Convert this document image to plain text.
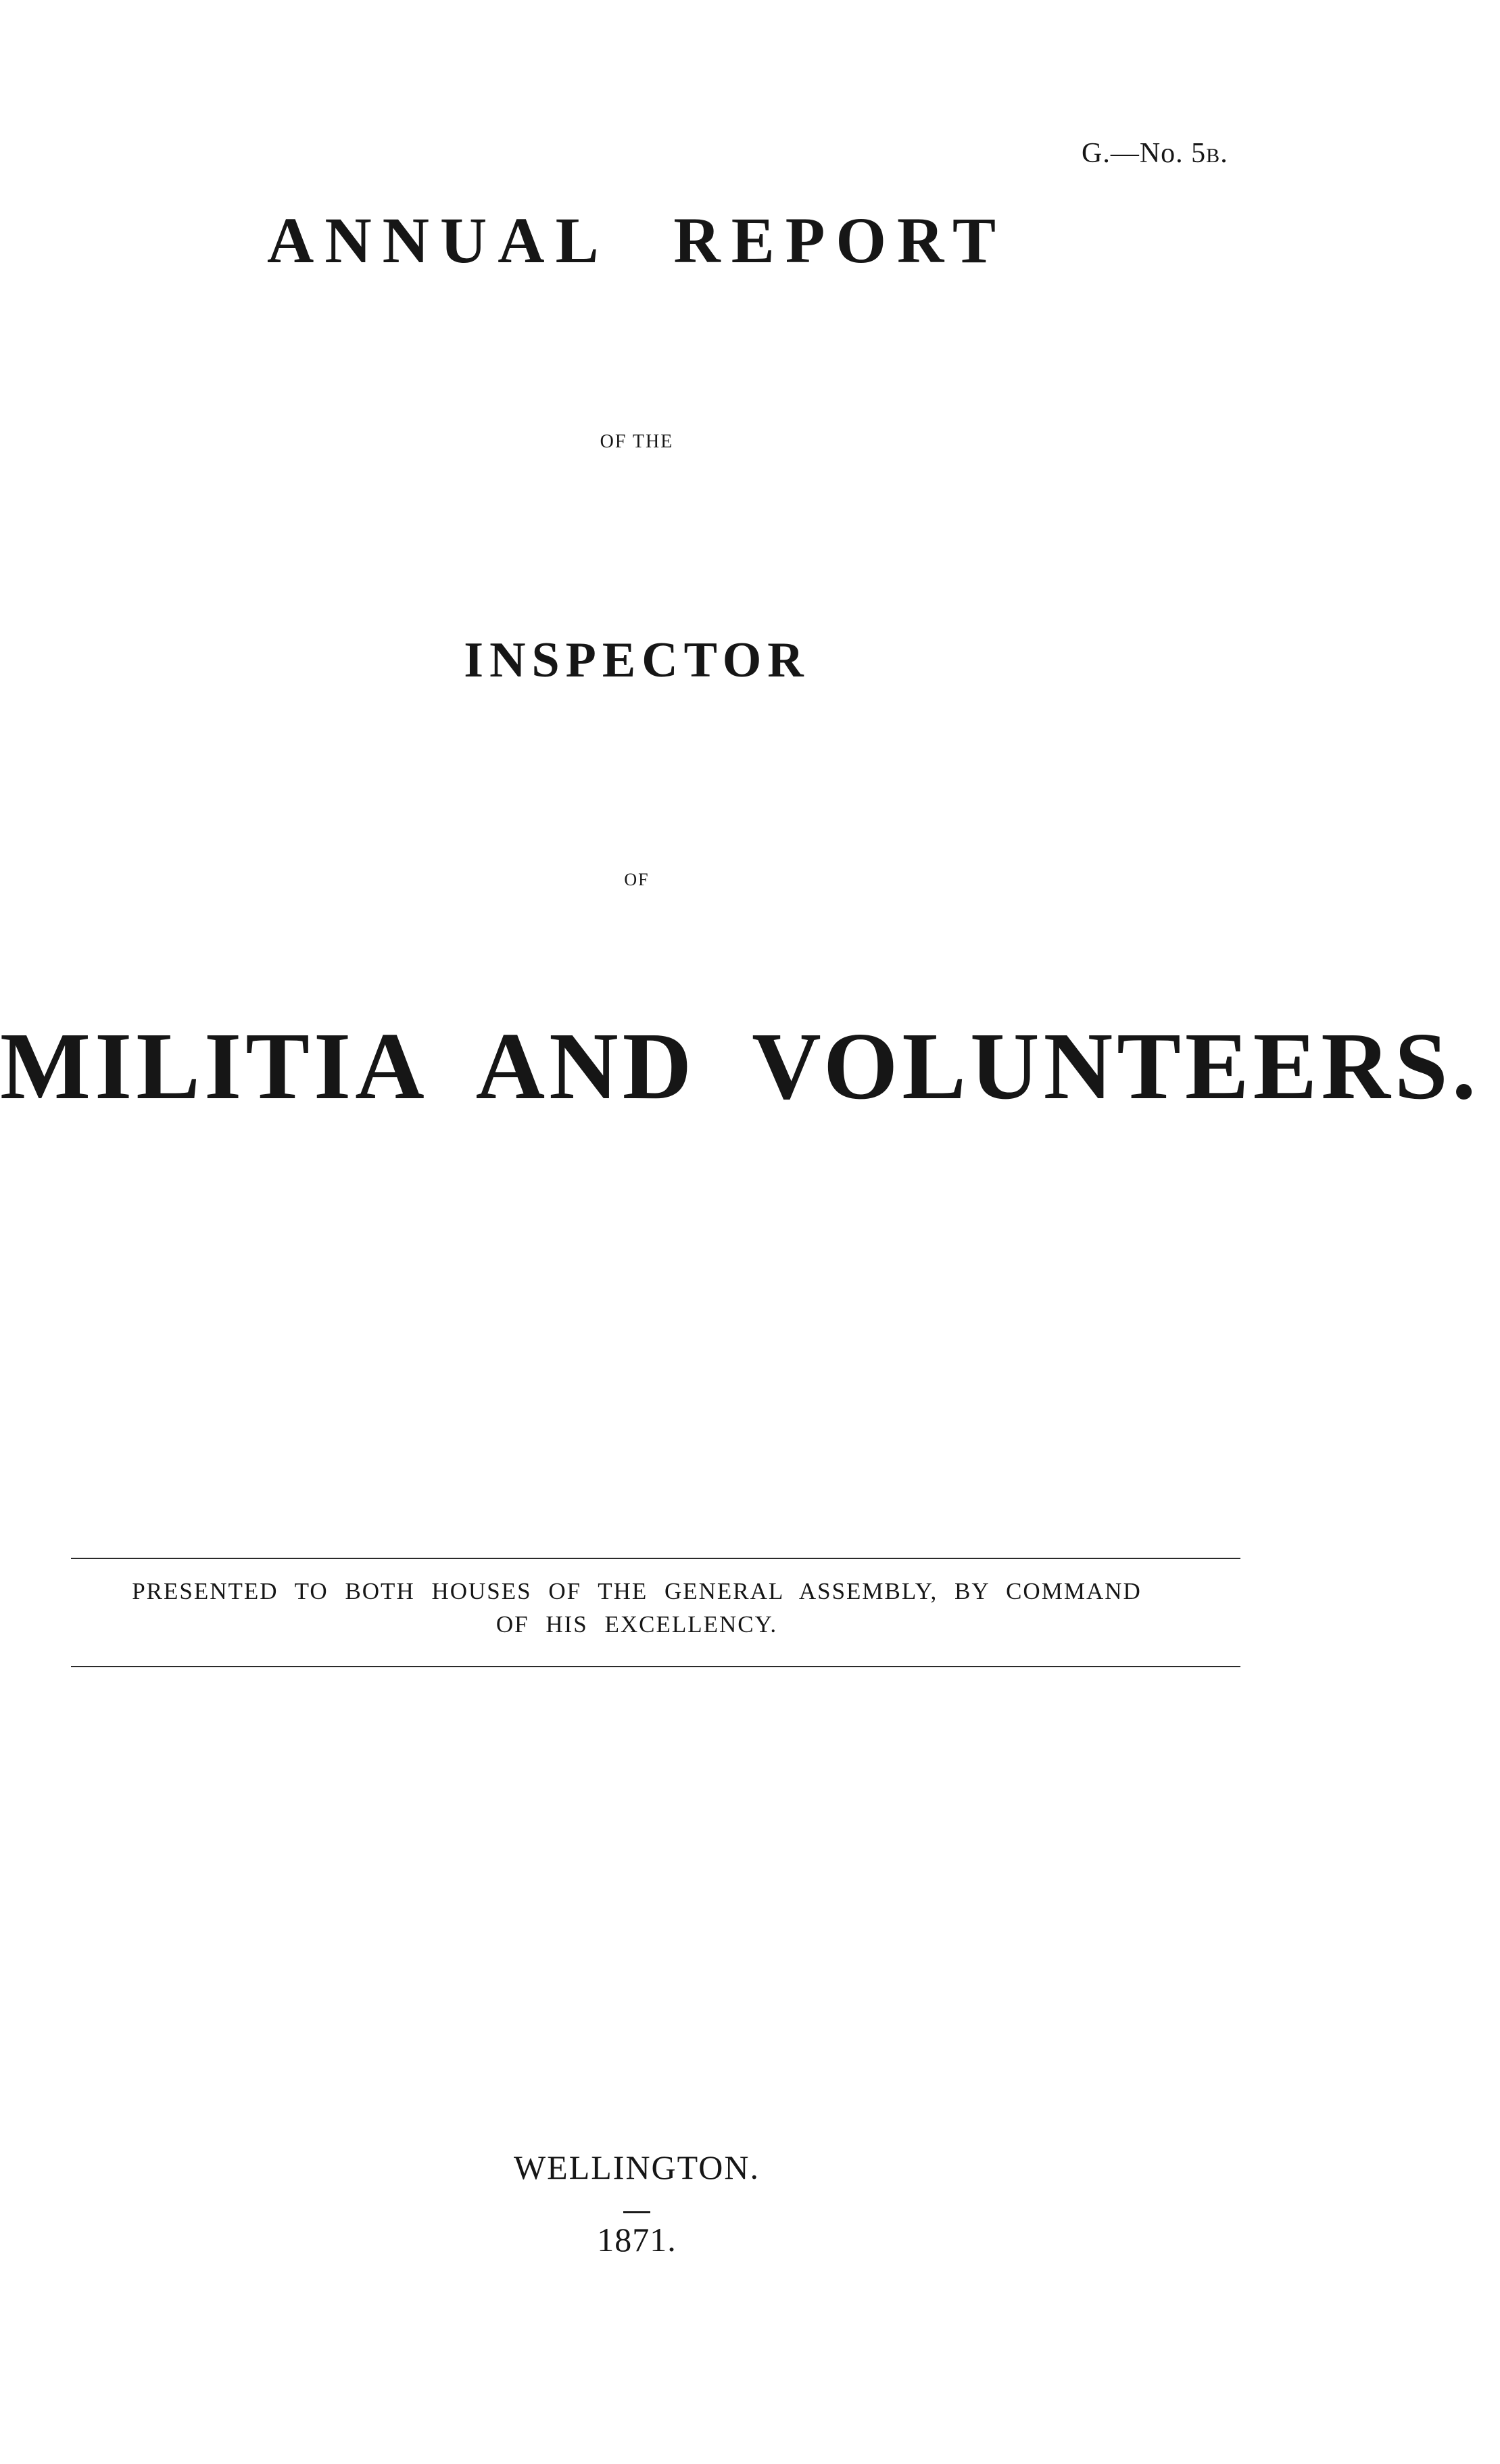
G.—No. 5B.
ANNUAL REPORT

OF THE

INSPECTOR

OF

MILITIA AND VOLUNTEERS.

PRESENTED TO BOTH HOUSES OF THE GENERAL ASSEMBLY, BY COMMAND

OF HIS EXCELLENCY.

WELLINGTON.

1871.
